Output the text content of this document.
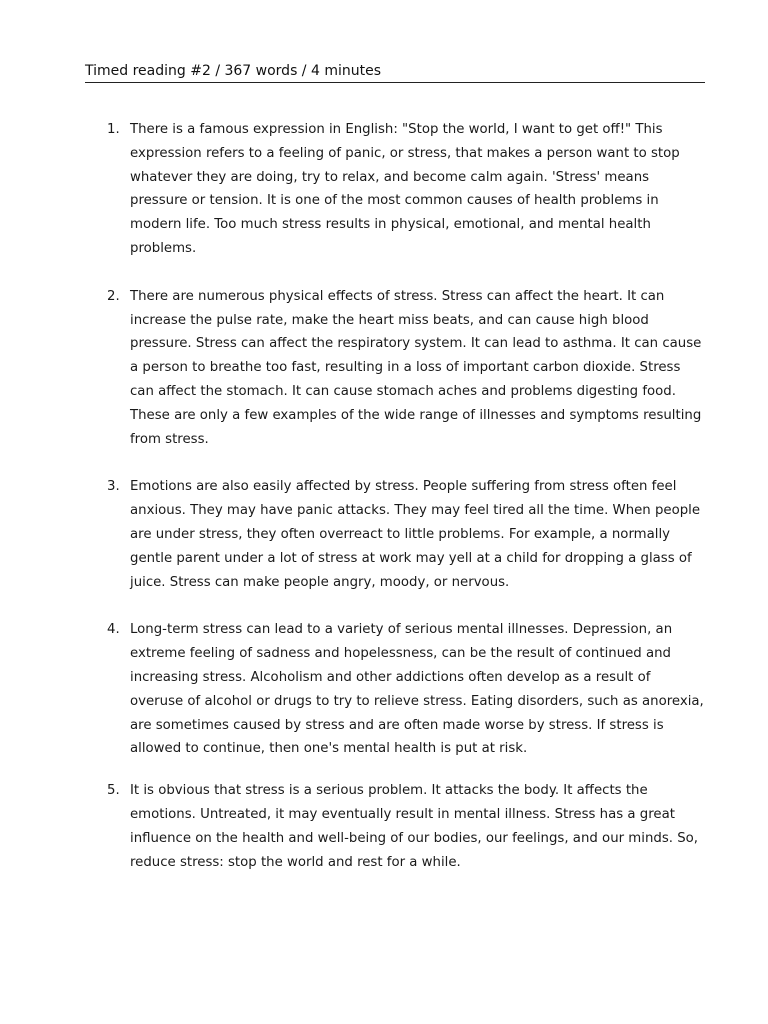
Timed reading #2 / 367 words / 4 minutes
1. There is a famous expression in English: "Stop the world, I want to get off!" This expression refers to a feeling of panic, or stress, that makes a person want to stop whatever they are doing, try to relax, and become calm again. 'Stress' means pressure or tension. It is one of the most common causes of health problems in modern life. Too much stress results in physical, emotional, and mental health problems.
2. There are numerous physical effects of stress. Stress can affect the heart. It can increase the pulse rate, make the heart miss beats, and can cause high blood pressure. Stress can affect the respiratory system. It can lead to asthma. It can cause a person to breathe too fast, resulting in a loss of important carbon dioxide. Stress can affect the stomach. It can cause stomach aches and problems digesting food. These are only a few examples of the wide range of illnesses and symptoms resulting from stress.
3. Emotions are also easily affected by stress. People suffering from stress often feel anxious. They may have panic attacks. They may feel tired all the time. When people are under stress, they often overreact to little problems. For example, a normally gentle parent under a lot of stress at work may yell at a child for dropping a glass of juice. Stress can make people angry, moody, or nervous.
4. Long-term stress can lead to a variety of serious mental illnesses. Depression, an extreme feeling of sadness and hopelessness, can be the result of continued and increasing stress. Alcoholism and other addictions often develop as a result of overuse of alcohol or drugs to try to relieve stress. Eating disorders, such as anorexia, are sometimes caused by stress and are often made worse by stress. If stress is allowed to continue, then one's mental health is put at risk.
5. It is obvious that stress is a serious problem. It attacks the body. It affects the emotions. Untreated, it may eventually result in mental illness. Stress has a great influence on the health and well-being of our bodies, our feelings, and our minds. So, reduce stress: stop the world and rest for a while.
